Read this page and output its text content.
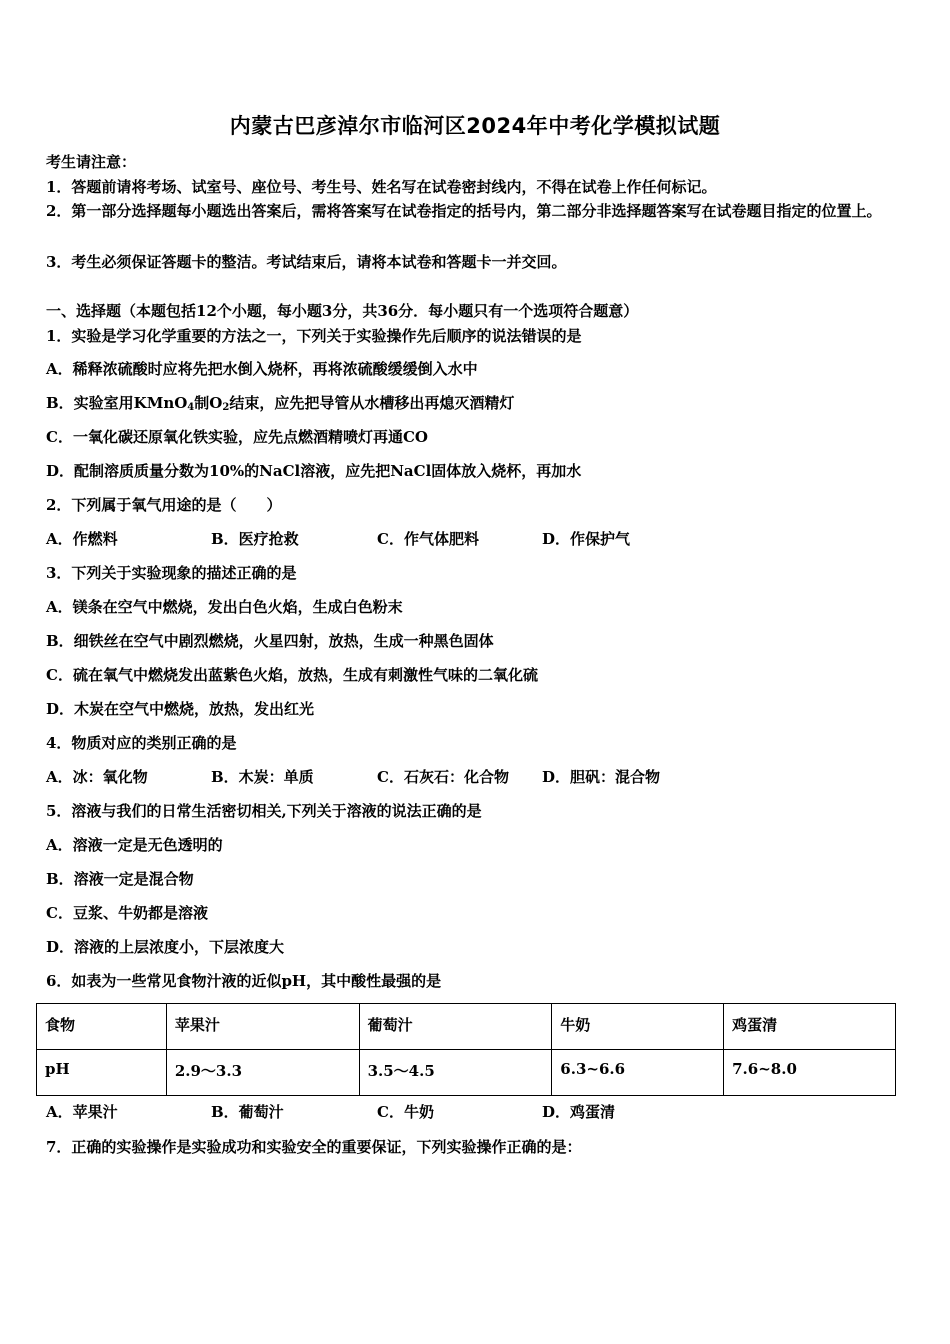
内蒙古巴彦淖尔市临河区2024年中考化学模拟试题
考生请注意：
1．答题前请将考场、试室号、座位号、考生号、姓名写在试卷密封线内，不得在试卷上作任何标记。
2．第一部分选择题每小题选出答案后，需将答案写在试卷指定的括号内，第二部分非选择题答案写在试卷题目指定的位置上。
3．考生必须保证答题卡的整洁。考试结束后，请将本试卷和答题卡一并交回。
一、选择题（本题包括12个小题，每小题3分，共36分．每小题只有一个选项符合题意）
1．实验是学习化学重要的方法之一，下列关于实验操作先后顺序的说法错误的是
A．稀释浓硫酸时应将先把水倒入烧杯，再将浓硫酸缓缓倒入水中
B．实验室用KMnO$_4$制$O_2$结束，应先把导管从水槽移出再熄灭酒精灯
C．一氧化碳还原氧化铁实验，应先点燃酒精喷灯再通CO
D．配制溶质质量分数为10%的NaCl溶液，应先把NaCl固体放入烧杯，再加水
2．下列属于氧气用途的是（　　）
A．作燃料	B．医疗抢救	C．作气体肥料	D．作保护气
3．下列关于实验现象的描述正确的是
A．镁条在空气中燃烧，发出白色火焰，生成白色粉末
B．细铁丝在空气中剧烈燃烧，火星四射，放热，生成一种黑色固体
C．硫在氧气中燃烧发出蓝紫色火焰，放热，生成有刺激性气味的二氧化硫
D．木炭在空气中燃烧，放热，发出红光
4．物质对应的类别正确的是
A．冰：氧化物	B．木炭：单质	C．石灰石：化合物 D．胆矾：混合物
5．溶液与我们的日常生活密切相关,下列关于溶液的说法正确的是
A．溶液一定是无色透明的
B．溶液一定是混合物
C．豆浆、牛奶都是溶液
D．溶液的上层浓度小，下层浓度大
6．如表为一些常见食物汁液的近似pH，其中酸性最强的是
食物	苹果汁	葡萄汁	牛奶	鸡蛋清
pH	2.9～3.3	3.5～4.5	6.3~6.6	7.6~8.0
A．苹果汁	B．葡萄汁	C．牛奶	D．鸡蛋清
7．正确的实验操作是实验成功和实验安全的重要保证，下列实验操作正确的是：
